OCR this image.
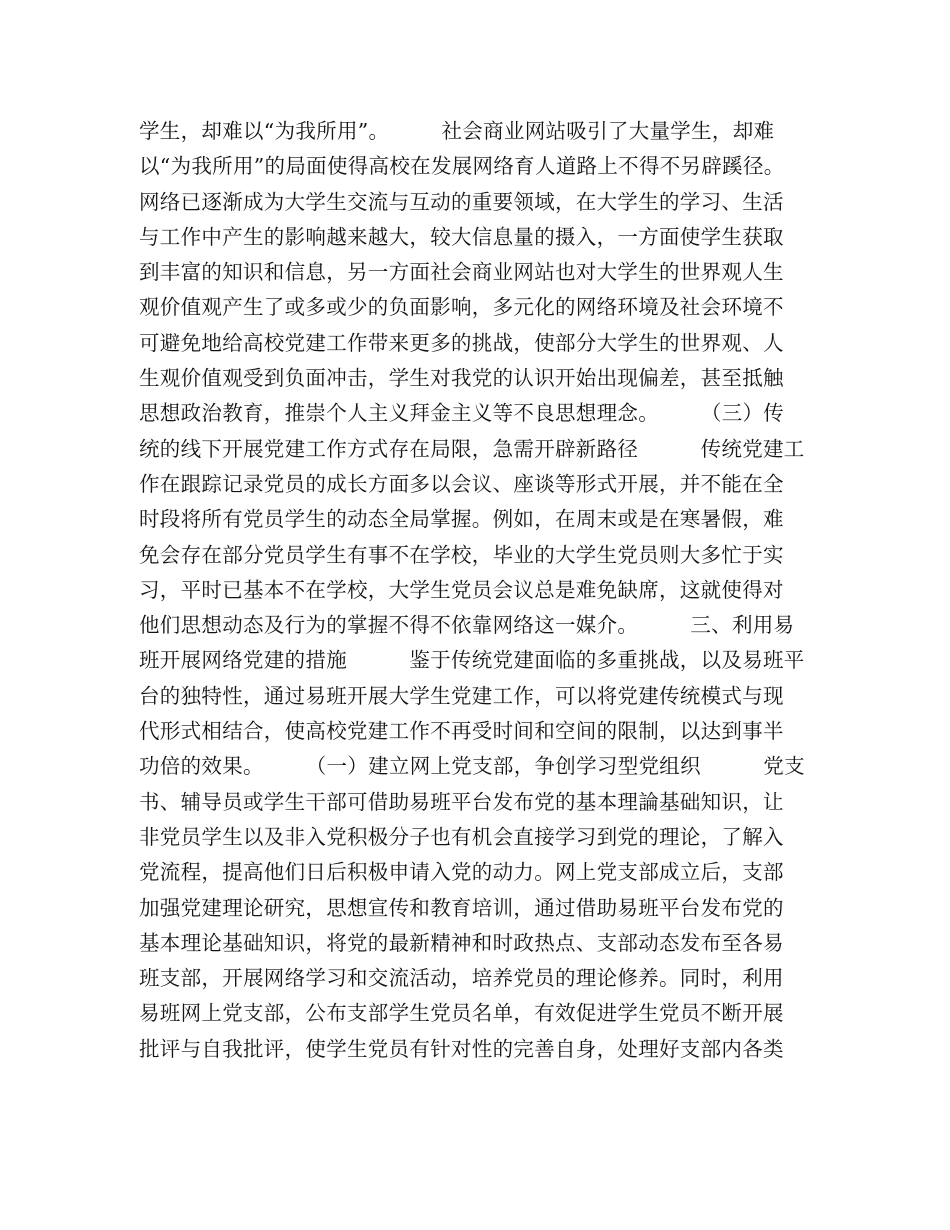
学生，却难以“为我所用”。　　　社会商业网站吸引了大量学生，却难
以“为我所用”的局面使得高校在发展网络育人道路上不得不另辟蹊径。
网络已逐渐成为大学生交流与互动的重要领域，在大学生的学习、生活
与工作中产生的影响越来越大，较大信息量的摄入，一方面使学生获取
到丰富的知识和信息，另一方面社会商业网站也对大学生的世界观人生
观价值观产生了或多或少的负面影响，多元化的网络环境及社会环境不
可避免地给高校党建工作带来更多的挑战，使部分大学生的世界观、人
生观价值观受到负面冲击，学生对我党的认识开始出现偏差，甚至抵触
思想政治教育，推崇个人主义拜金主义等不良思想理念。　　　（三）传
统的线下开展党建工作方式存在局限，急需开辟新路径　　　传统党建工
作在跟踪记录党员的成长方面多以会议、座谈等形式开展，并不能在全
时段将所有党员学生的动态全局掌握。例如，在周末或是在寒暑假，难
免会存在部分党员学生有事不在学校，毕业的大学生党员则大多忙于实
习，平时已基本不在学校，大学生党员会议总是难免缺席，这就使得对
他们思想动态及行为的掌握不得不依靠网络这一媒介。　　　三、利用易
班开展网络党建的措施　　　鉴于传统党建面临的多重挑战，以及易班平
台的独特性，通过易班开展大学生党建工作，可以将党建传统模式与现
代形式相结合，使高校党建工作不再受时间和空间的限制，以达到事半
功倍的效果。　　　（一）建立网上党支部，争创学习型党组织　　　党支
书、辅导员或学生干部可借助易班平台发布党的基本理論基础知识，让
非党员学生以及非入党积极分子也有机会直接学习到党的理论，了解入
党流程，提高他们日后积极申请入党的动力。网上党支部成立后，支部
加强党建理论研究，思想宣传和教育培训，通过借助易班平台发布党的
基本理论基础知识，将党的最新精神和时政热点、支部动态发布至各易
班支部，开展网络学习和交流活动，培养党员的理论修养。同时，利用
易班网上党支部，公布支部学生党员名单，有效促进学生党员不断开展
批评与自我批评，使学生党员有针对性的完善自身，处理好支部内各类
